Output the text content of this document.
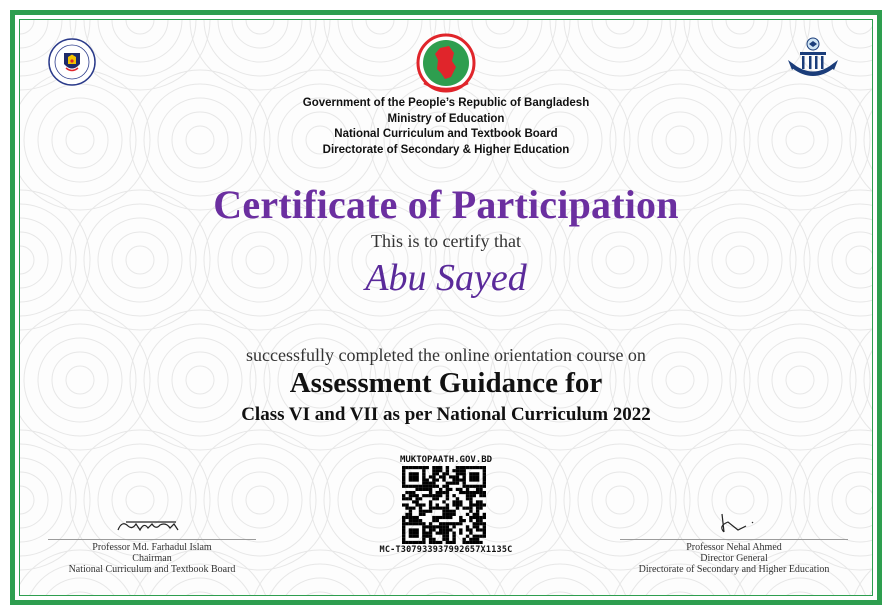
Government of the People’s Republic of Bangladesh
Ministry of Education
National Curriculum and Textbook Board
Directorate of Secondary & Higher Education
Certificate of Participation
This is to certify that
Abu Sayed
successfully completed the online orientation course on
Assessment Guidance for
Class VI and VII as per National Curriculum 2022
MUKTOPAATH.GOV.BD
MC-T307933937992657X1135C
Professor Md. Farhadul Islam
Chairman
National Curriculum and Textbook Board
Professor Nehal Ahmed
Director General
Directorate of Secondary and Higher Education
